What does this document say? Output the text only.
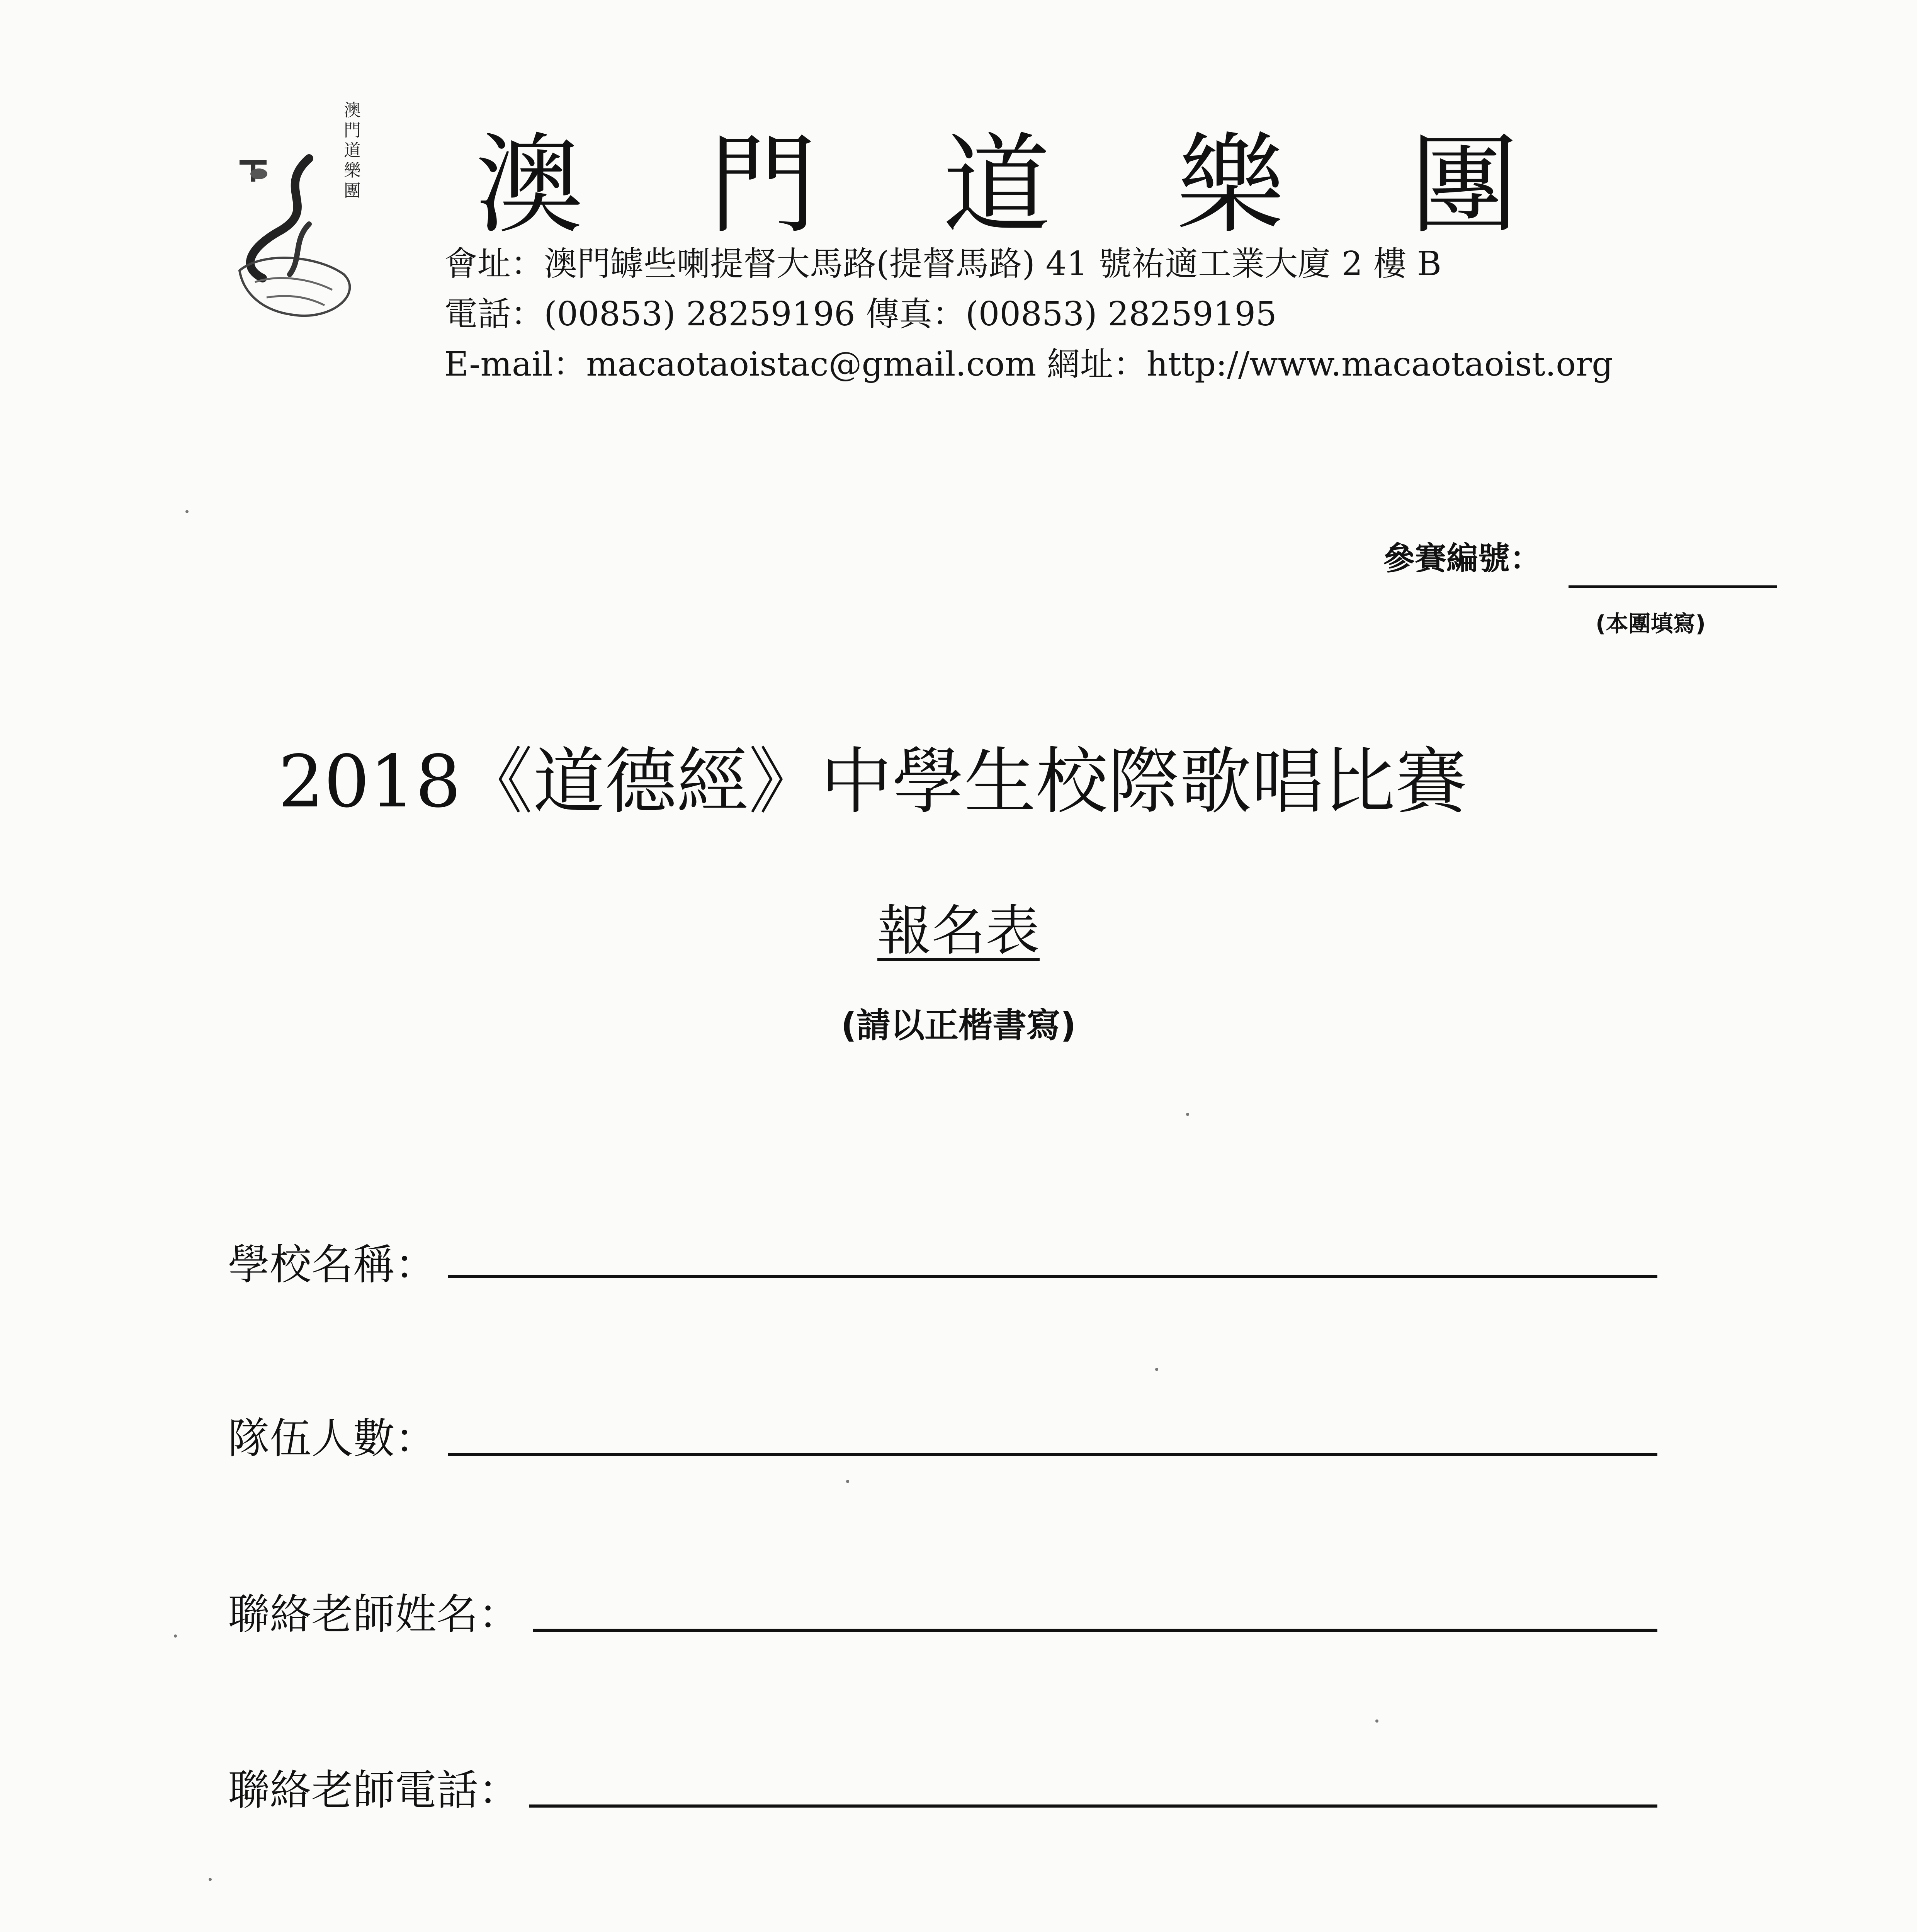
澳
門
道
樂
團 澳 門 道 樂 團
會址：澳門罅些喇提督大馬路(提督馬路) 41 號祐適工業大廈 2 樓 B
電話：(00853) 28259196 傳真：(00853) 28259195
E-mail：macaotaoistac@gmail.com 網址：http://www.macaotaoist.org
參賽編號：
(本團填寫)
2018《道德經》中學生校際歌唱比賽
報名表
(請以正楷書寫)
學校名稱：
隊伍人數：
聯絡老師姓名：
聯絡老師電話：
